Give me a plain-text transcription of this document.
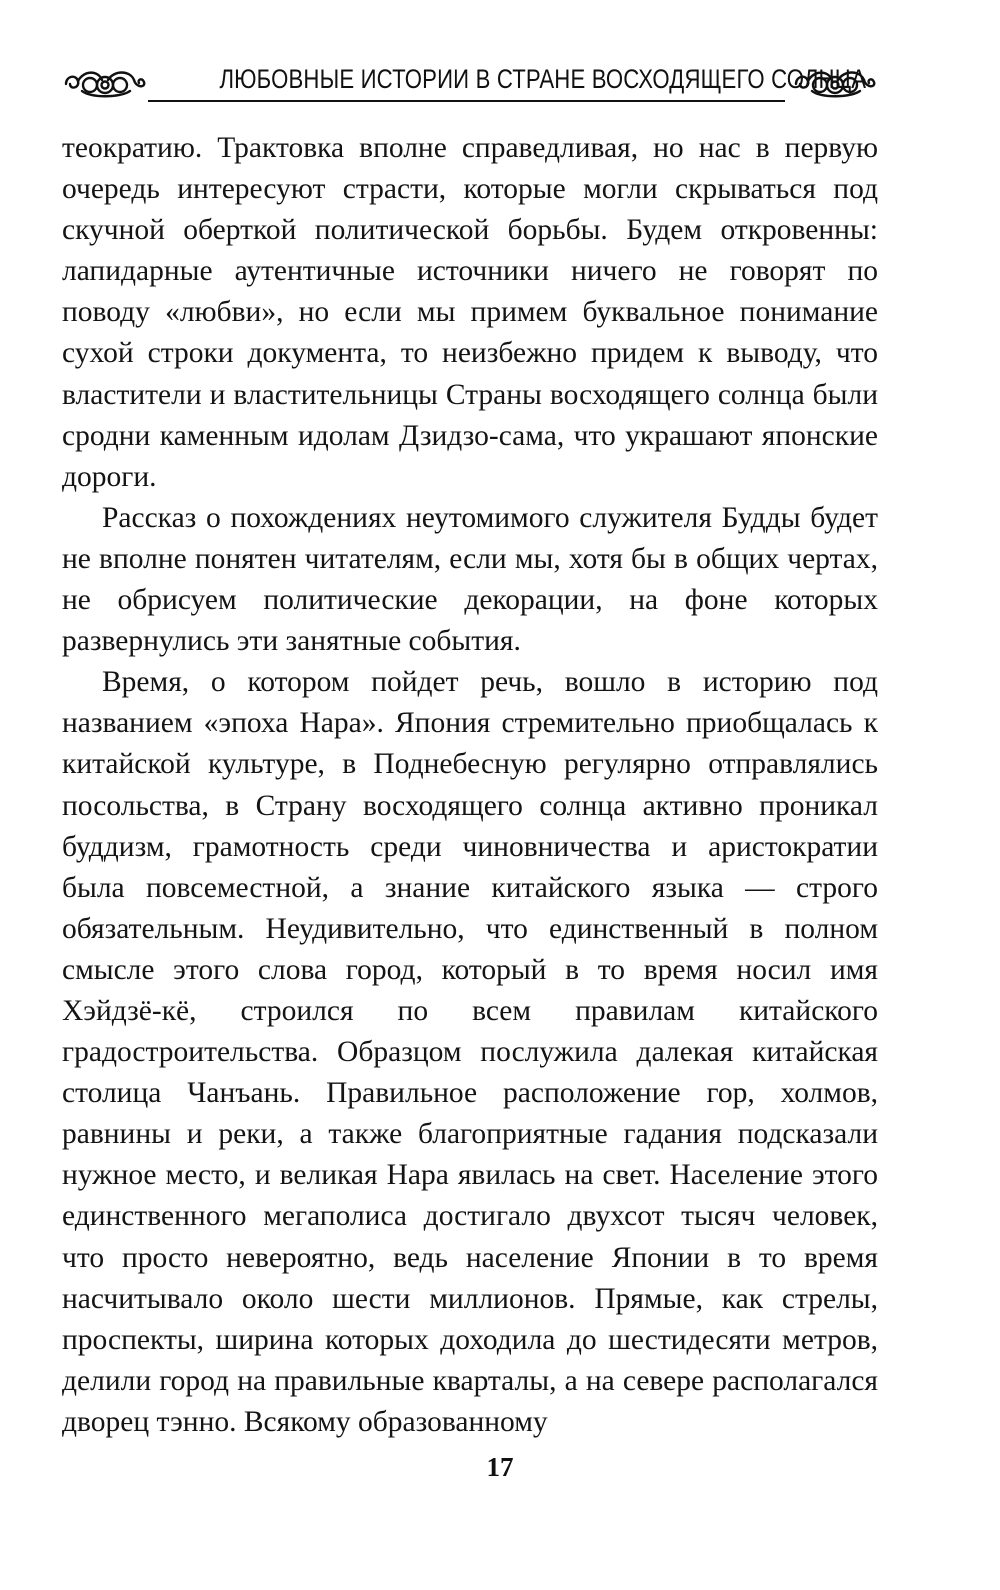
ЛЮБОВНЫЕ ИСТОРИИ В СТРАНЕ ВОСХОДЯЩЕГО СОЛНЦА

теократию. Трактовка вполне справедливая, но нас в первую очередь интересуют страсти, которые могли скрываться под скучной оберткой политической борьбы. Будем откровенны: лапидарные аутентичные источники ничего не говорят по поводу «любви», но если мы примем буквальное понимание сухой строки документа, то неизбежно придем к выводу, что властители и властительницы Страны восходящего солнца были сродни каменным идолам Дзидзо-сама, что украшают японские дороги.

Рассказ о похождениях неутомимого служителя Будды будет не вполне понятен читателям, если мы, хотя бы в общих чертах, не обрисуем политические декорации, на фоне которых развернулись эти занятные события.

Время, о котором пойдет речь, вошло в историю под названием «эпоха Нара». Япония стремительно приобщалась к китайской культуре, в Поднебесную регулярно отправлялись посольства, в Страну восходящего солнца активно проникал буддизм, грамотность среди чиновничества и аристократии была повсеместной, а знание китайского языка — строго обязательным. Неудивительно, что единственный в полном смысле этого слова город, который в то время носил имя Хэйдзё-кё, строился по всем правилам китайского градостроительства. Образцом послужила далекая китайская столица Чанъань. Правильное расположение гор, холмов, равнины и реки, а также благоприятные гадания подсказали нужное место, и великая Нара явилась на свет. Население этого единственного мегаполиса достигало двухсот тысяч человек, что просто невероятно, ведь население Японии в то время насчитывало около шести миллионов. Прямые, как стрелы, проспекты, ширина которых доходила до шестидесяти метров, делили город на правильные кварталы, а на севере располагался дворец тэнно. Всякому образованному

17
